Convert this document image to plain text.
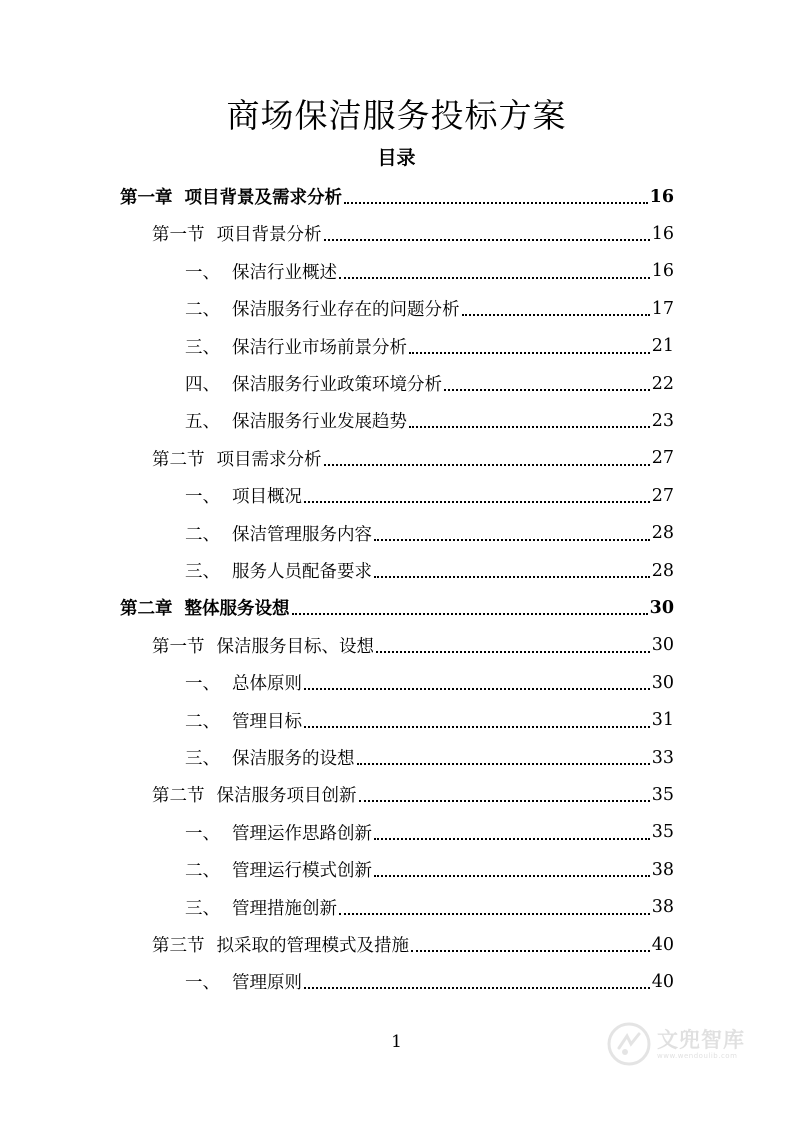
商场保洁服务投标方案
目录
第一章 项目背景及需求分析	16
第一节 项目背景分析	16
一、 保洁行业概述	16
二、 保洁服务行业存在的问题分析	17
三、 保洁行业市场前景分析	21
四、 保洁服务行业政策环境分析	22
五、 保洁服务行业发展趋势	23
第二节 项目需求分析	27
一、 项目概况	27
二、 保洁管理服务内容	28
三、 服务人员配备要求	28
第二章 整体服务设想	30
第一节 保洁服务目标、设想	30
一、 总体原则	30
二、 管理目标	31
三、 保洁服务的设想	33
第二节 保洁服务项目创新	35
一、 管理运作思路创新	35
二、 管理运行模式创新	38
三、 管理措施创新	38
第三节 拟采取的管理模式及措施	40
一、 管理原则	40
1	文兜智库
www.wendoulib.com
